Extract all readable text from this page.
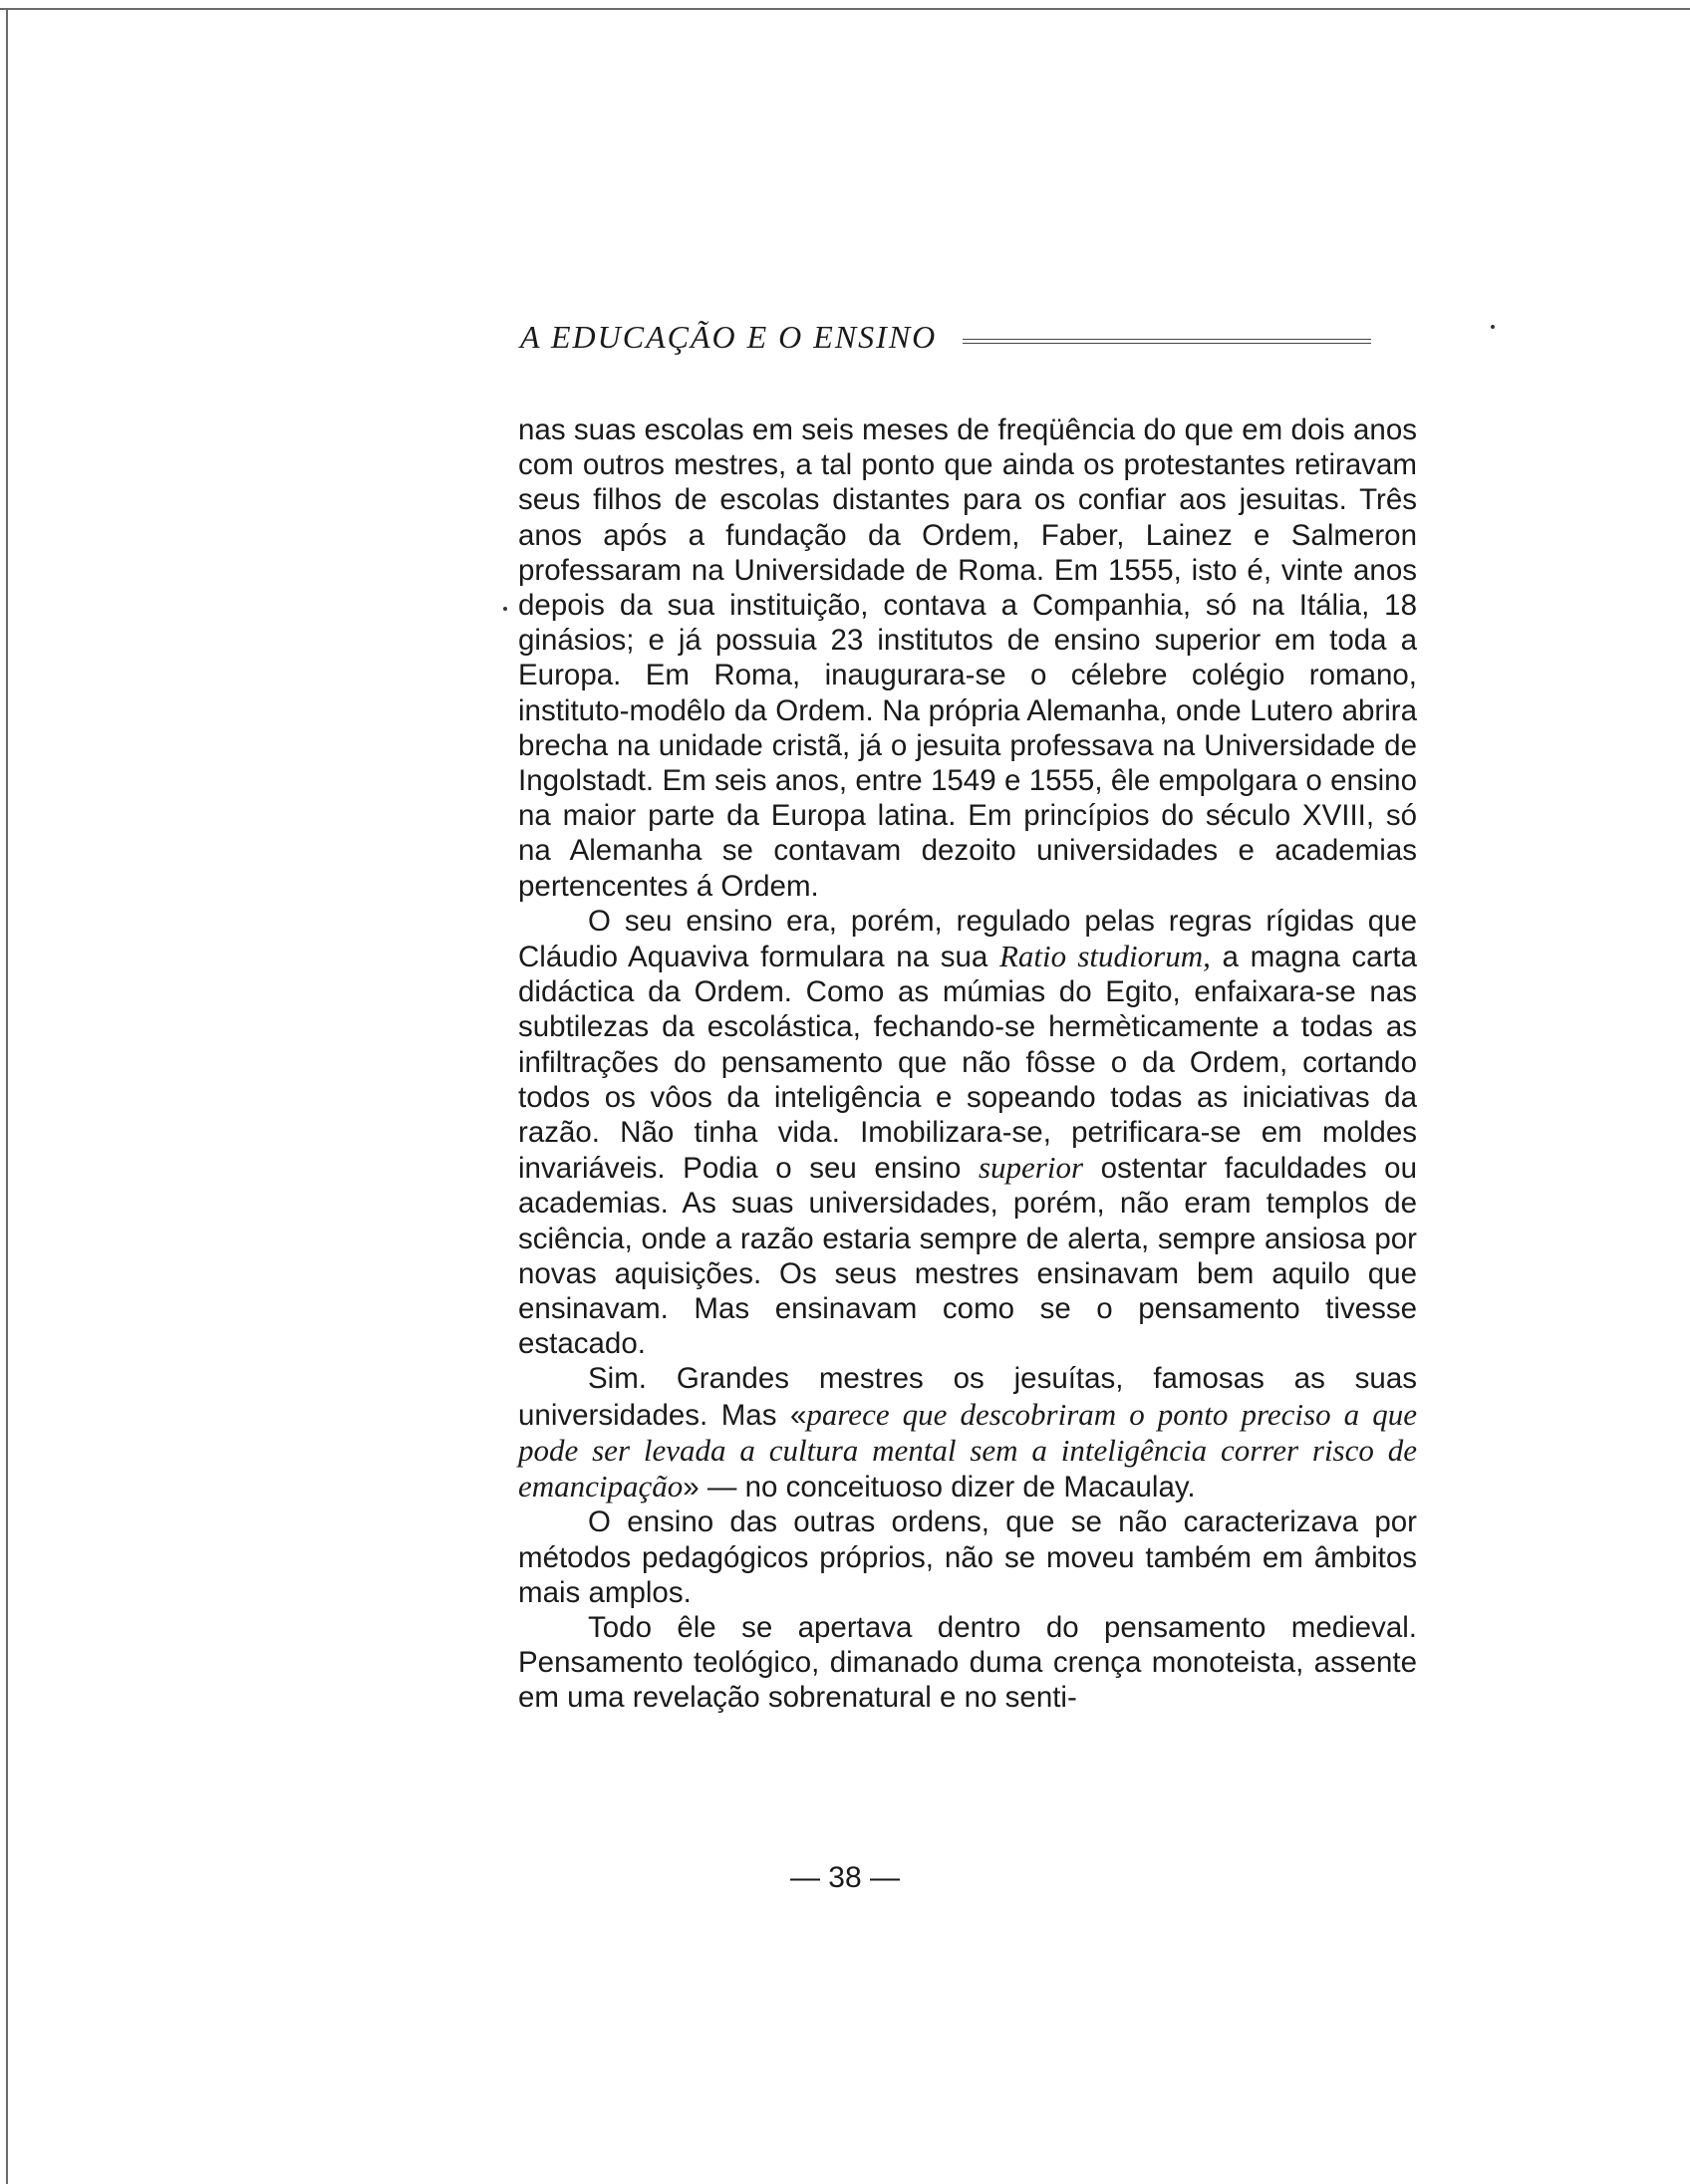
A EDUCAÇÃO E O ENSINO

nas suas escolas em seis meses de freqüência do que em dois anos com outros mestres, a tal ponto que ainda os protestantes retiravam seus filhos de escolas distantes para os confiar aos jesuitas. Três anos após a fundação da Ordem, Faber, Lainez e Salmeron professaram na Universidade de Roma. Em 1555, isto é, vinte anos depois da sua instituição, contava a Companhia, só na Itália, 18 ginásios; e já possuia 23 institutos de ensino superior em toda a Europa. Em Roma, inaugurara-se o célebre colégio romano, instituto-modêlo da Ordem. Na própria Alemanha, onde Lutero abrira brecha na unidade cristã, já o jesuita professava na Universidade de Ingolstadt. Em seis anos, entre 1549 e 1555, êle empolgara o ensino na maior parte da Europa latina. Em princípios do século XVIII, só na Alemanha se contavam dezoito universidades e academias pertencentes á Ordem.

O seu ensino era, porém, regulado pelas regras rígidas que Cláudio Aquaviva formulara na sua Ratio studiorum, a magna carta didáctica da Ordem. Como as múmias do Egito, enfaixara-se nas subtilezas da escolástica, fechando-se hermèticamente a todas as infiltrações do pensamento que não fôsse o da Ordem, cortando todos os vôos da inteligência e sopeando todas as iniciativas da razão. Não tinha vida. Imobilizara-se, petrificara-se em moldes invariáveis. Podia o seu ensino superior ostentar faculdades ou academias. As suas universidades, porém, não eram templos de sciência, onde a razão estaria sempre de alerta, sempre ansiosa por novas aquisições. Os seus mestres ensinavam bem aquilo que ensinavam. Mas ensinavam como se o pensamento tivesse estacado.

Sim. Grandes mestres os jesuítas, famosas as suas universidades. Mas «parece que descobriram o ponto preciso a que pode ser levada a cultura mental sem a inteligência correr risco de emancipação» — no conceituoso dizer de Macaulay.

O ensino das outras ordens, que se não caracterizava por métodos pedagógicos próprios, não se moveu também em âmbitos mais amplos.

Todo êle se apertava dentro do pensamento medieval. Pensamento teológico, dimanado duma crença monoteista, assente em uma revelação sobrenatural e no senti-

— 38 —
